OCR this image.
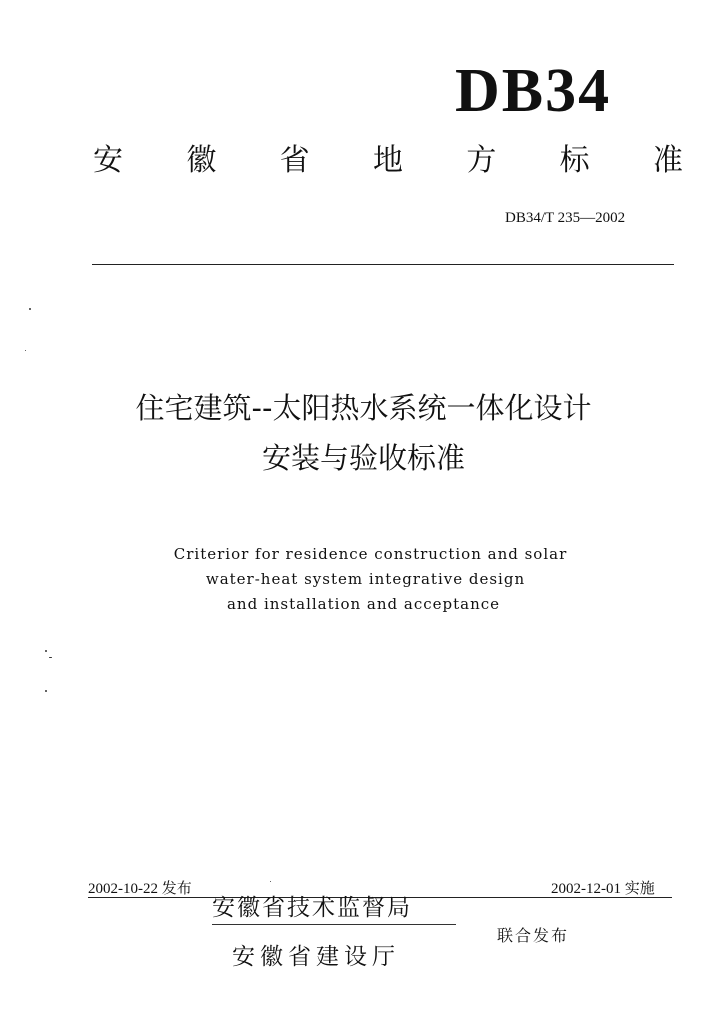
DB34
安 徽 省 地 方 标 准
DB34/T 235—2002
住宅建筑--太阳热水系统一体化设计
安装与验收标准
Criterior for residence construction and solar
water-heat system integrative design
and installation and acceptance
2002-10-22 发布	2002-12-01 实施
安徽省技术监督局
安徽省建设厅
联合发布
